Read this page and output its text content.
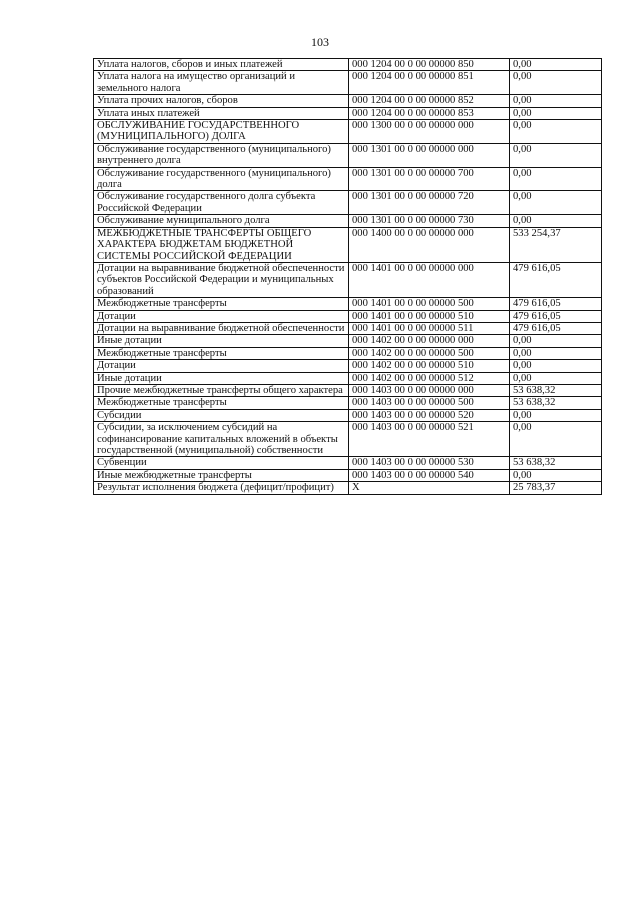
103
Уплата налогов, сборов и иных платежей	000 1204 00 0 00 00000 850	0,00
Уплата налога на имущество организаций и земельного налога	000 1204 00 0 00 00000 851	0,00
Уплата прочих налогов, сборов	000 1204 00 0 00 00000 852	0,00
Уплата иных платежей	000 1204 00 0 00 00000 853	0,00
ОБСЛУЖИВАНИЕ ГОСУДАРСТВЕННОГО (МУНИЦИПАЛЬНОГО) ДОЛГА	000 1300 00 0 00 00000 000	0,00
Обслуживание государственного (муниципального) внутреннего долга	000 1301 00 0 00 00000 000	0,00
Обслуживание государственного (муниципального) долга	000 1301 00 0 00 00000 700	0,00
Обслуживание государственного долга субъекта Российской Федерации	000 1301 00 0 00 00000 720	0,00
Обслуживание муниципального долга	000 1301 00 0 00 00000 730	0,00
МЕЖБЮДЖЕТНЫЕ ТРАНСФЕРТЫ ОБЩЕГО ХАРАКТЕРА БЮДЖЕТАМ БЮДЖЕТНОЙ СИСТЕМЫ РОССИЙСКОЙ ФЕДЕРАЦИИ	000 1400 00 0 00 00000 000	533 254,37
Дотации на выравнивание бюджетной обеспеченности субъектов Российской Федерации и муниципальных образований	000 1401 00 0 00 00000 000	479 616,05
Межбюджетные трансферты	000 1401 00 0 00 00000 500	479 616,05
Дотации	000 1401 00 0 00 00000 510	479 616,05
Дотации на выравнивание бюджетной обеспеченности	000 1401 00 0 00 00000 511	479 616,05
Иные дотации	000 1402 00 0 00 00000 000	0,00
Межбюджетные трансферты	000 1402 00 0 00 00000 500	0,00
Дотации	000 1402 00 0 00 00000 510	0,00
Иные дотации	000 1402 00 0 00 00000 512	0,00
Прочие межбюджетные трансферты общего характера	000 1403 00 0 00 00000 000	53 638,32
Межбюджетные трансферты	000 1403 00 0 00 00000 500	53 638,32
Субсидии	000 1403 00 0 00 00000 520	0,00
Субсидии, за исключением субсидий на софинансирование капитальных вложений в объекты государственной (муниципальной) собственности	000 1403 00 0 00 00000 521	0,00
Субвенции	000 1403 00 0 00 00000 530	53 638,32
Иные межбюджетные трансферты	000 1403 00 0 00 00000 540	0,00
Результат исполнения бюджета (дефицит/профицит)	X	25 783,37
